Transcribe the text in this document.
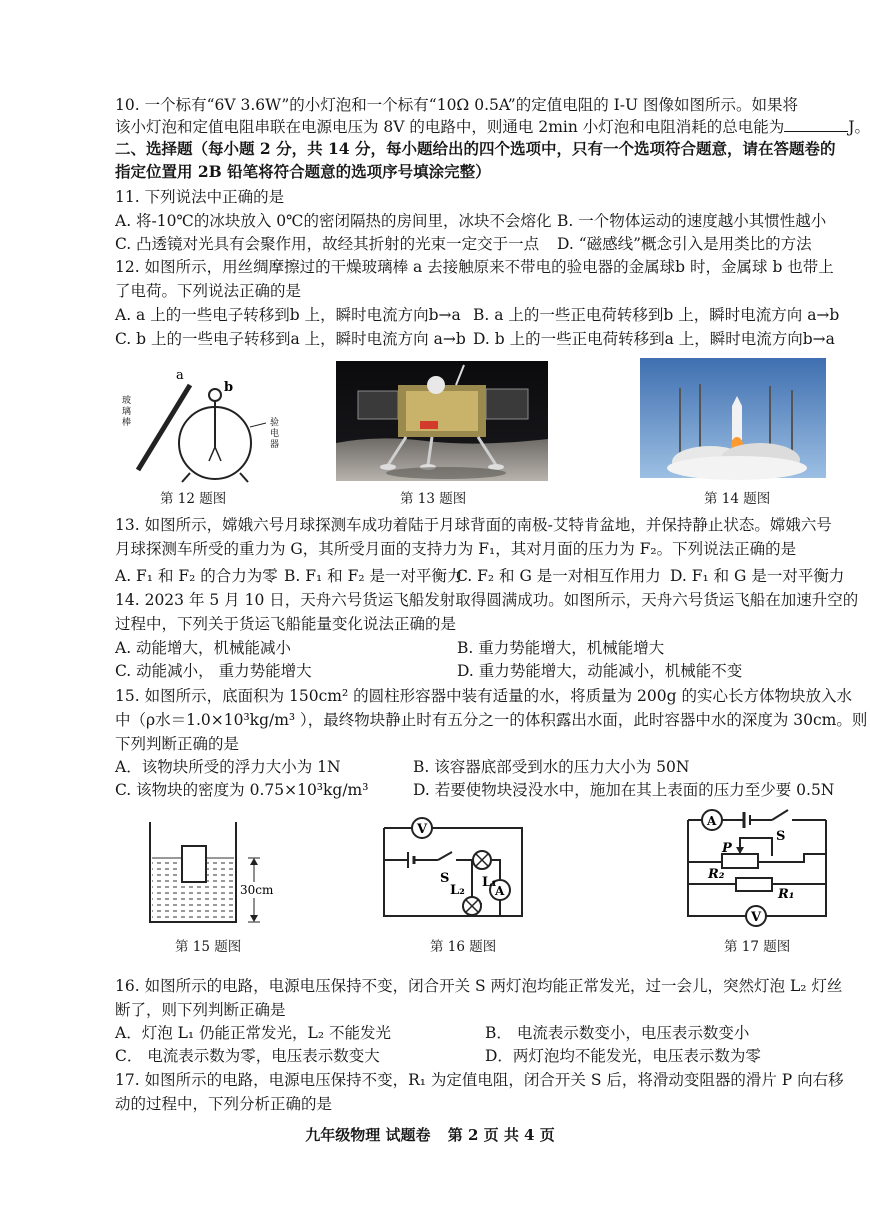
10. 一个标有“6V 3.6W”的小灯泡和一个标有“10Ω 0.5A”的定值电阻的 I-U 图像如图所示。如果将
该小灯泡和定值电阻串联在电源电压为 8V 的电路中，则通电 2min 小灯泡和电阻消耗的总电能为	J。
二、选择题（每小题 2 分，共 14 分，每小题给出的四个选项中，只有一个选项符合题意，请在答题卷的
指定位置用 2B 铅笔将符合题意的选项序号填涂完整）
11. 下列说法中正确的是
A. 将-10℃的冰块放入 0℃的密闭隔热的房间里，冰块不会熔化 B. 一个物体运动的速度越小其惯性越小
C. 凸透镜对光具有会聚作用，故经其折射的光束一定交于一点 D. “磁感线”概念引入是用类比的方法
12. 如图所示，用丝绸摩擦过的干燥玻璃棒 a 去接触原来不带电的验电器的金属球b 时，金属球 b 也带上
了电荷。下列说法正确的是
A. a 上的一些电子转移到b 上，瞬时电流方向b→a B. a 上的一些正电荷转移到b 上，瞬时电流方向 a→b
C. b 上的一些电子转移到a 上，瞬时电流方向 a→b D. b 上的一些正电荷转移到a 上，瞬时电流方向b→a
a
b
玻
璃
棒	验
电
器
第 12 题图	第 13 题图	第 14 题图
13. 如图所示，嫦娥六号月球探测车成功着陆于月球背面的南极-艾特肯盆地，并保持静止状态。嫦娥六号
月球探测车所受的重力为 G，其所受月面的支持力为 F₁，其对月面的压力为 F₂。下列说法正确的是
A. F₁ 和 F₂ 的合力为零 B. F₁ 和 F₂ 是一对平衡力
C. F₂ 和 G 是一对相互作用力 D. F₁ 和 G 是一对平衡力
14. 2023 年 5 月 10 日，天舟六号货运飞船发射取得圆满成功。如图所示，天舟六号货运飞船在加速升空的
过程中，下列关于货运飞船能量变化说法正确的是
A. 动能增大，机械能减小	B. 重力势能增大，机械能增大
C. 动能减小， 重力势能增大	D. 重力势能增大，动能减小，机械能不变
15. 如图所示，底面积为 150cm² 的圆柱形容器中装有适量的水，将质量为 200g 的实心长方体物块放入水
中（ρ水＝1.0×10³kg/m³ ），最终物块静止时有五分之一的体积露出水面，此时容器中水的深度为 30cm。则
下列判断正确的是
A．该物块所受的浮力大小为 1N	B. 该容器底部受到水的压力大小为 50N
C. 该物块的密度为 0.75×10³kg/m³	D. 若要使物块浸没水中，施加在其上表面的压力至少要 0.5N
30cm
第 15 题图
V
A
S
L₂
L₁
第 16 题图
A
S
P
R₂
R₁
V
第 17 题图
16. 如图所示的电路，电源电压保持不变，闭合开关 S 两灯泡均能正常发光，过一会儿，突然灯泡 L₂ 灯丝
断了，则下列判断正确是
A．灯泡 L₁ 仍能正常发光，L₂ 不能发光	B． 电流表示数变小，电压表示数变小
C． 电流表示数为零，电压表示数变大	D．两灯泡均不能发光，电压表示数为零
17. 如图所示的电路，电源电压保持不变，R₁ 为定值电阻，闭合开关 S 后，将滑动变阻器的滑片 P 向右移
动的过程中，下列分析正确的是
九年级物理 试题卷 第 2 页 共 4 页
